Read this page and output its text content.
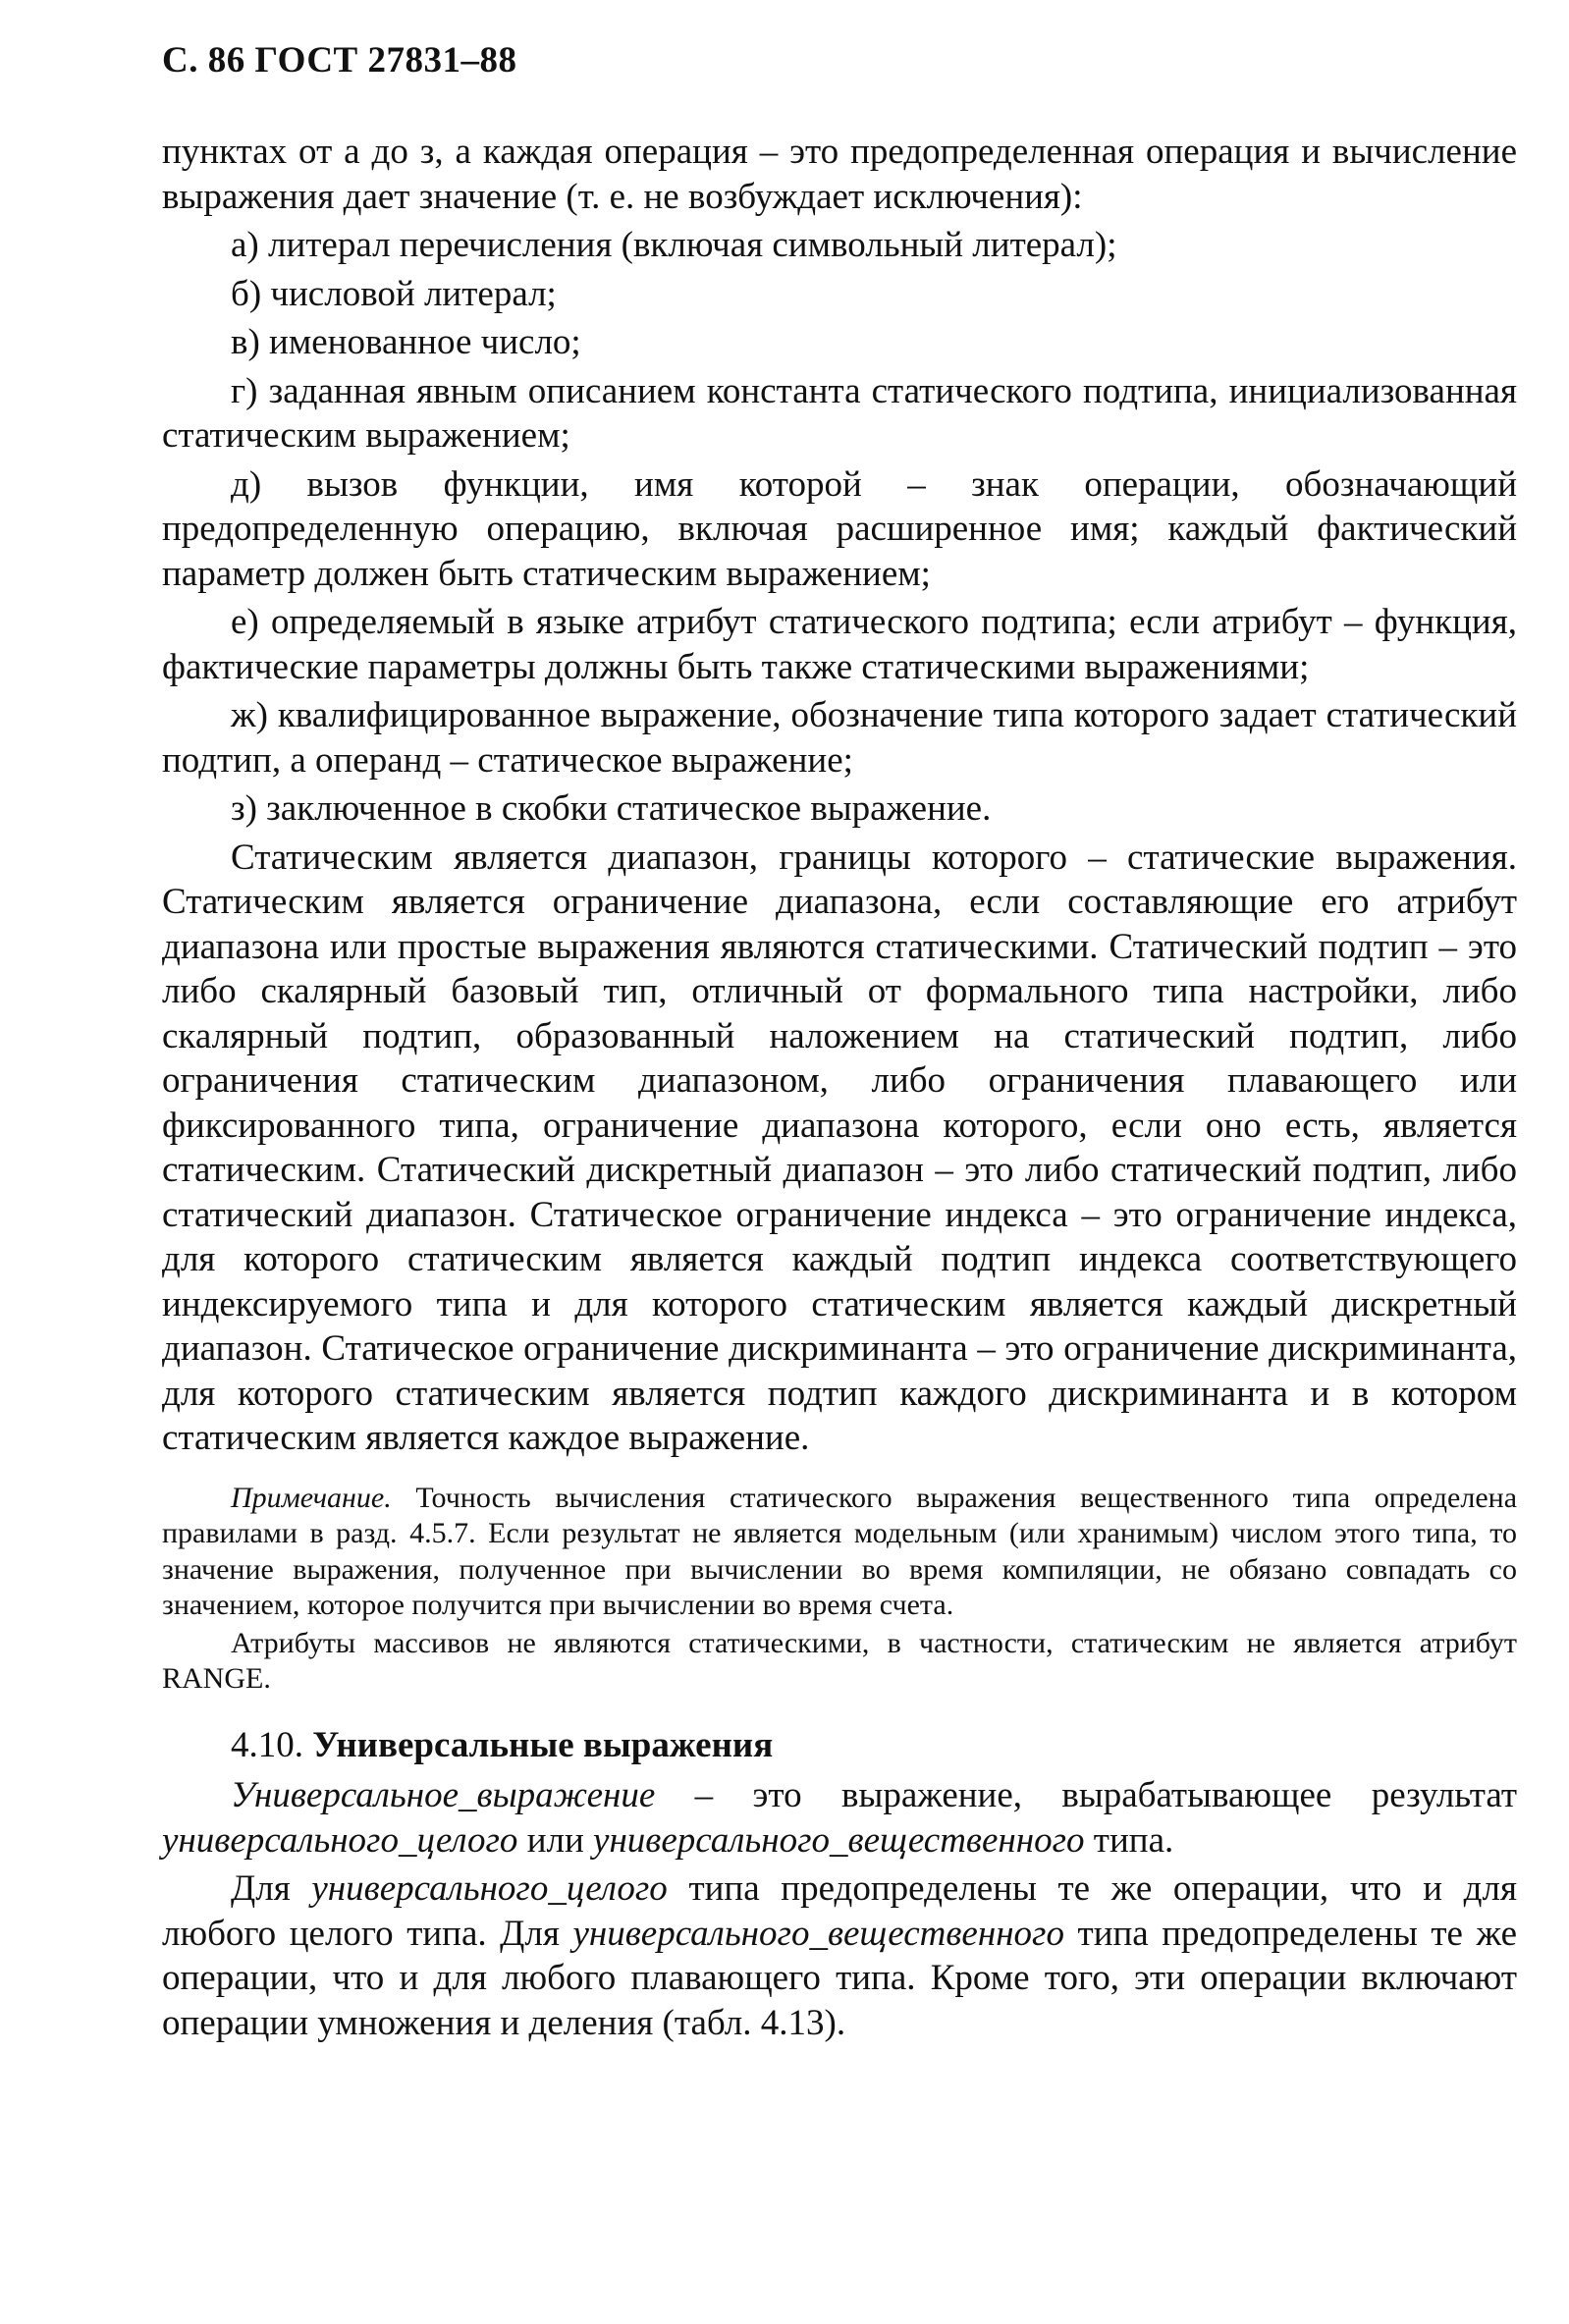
С. 86 ГОСТ 27831–88

пунктах от а до з, а каждая операция – это предопределенная операция и вычисление выражения дает значение (т. е. не возбуждает исключения):

а) литерал перечисления (включая символьный литерал);

б) числовой литерал;

в) именованное число;

г) заданная явным описанием константа статического подтипа, инициализованная статическим выражением;

д) вызов функции, имя которой – знак операции, обозначающий предопределенную операцию, включая расширенное имя; каждый фактический параметр должен быть статическим выражением;

е) определяемый в языке атрибут статического подтипа; если атрибут – функция, фактические параметры должны быть также статическими выражениями;

ж) квалифицированное выражение, обозначение типа которого задает статический подтип, а операнд – статическое выражение;

з) заключенное в скобки статическое выражение.

Статическим является диапазон, границы которого – статические выражения. Статическим является ограничение диапазона, если составляющие его атрибут диапазона или простые выражения являются статическими. Статический подтип – это либо скалярный базовый тип, отличный от формального типа настройки, либо скалярный подтип, образованный наложением на статический подтип, либо ограничения статическим диапазоном, либо ограничения плавающего или фиксированного типа, ограничение диапазона которого, если оно есть, является статическим. Статический дискретный диапазон – это либо статический подтип, либо статический диапазон. Статическое ограничение индекса – это ограничение индекса, для которого статическим является каждый подтип индекса соответствующего индексируемого типа и для которого статическим является каждый дискретный диапазон. Статическое ограничение дискриминанта – это ограничение дискриминанта, для которого статическим является подтип каждого дискриминанта и в котором статическим является каждое выражение.

Примечание. Точность вычисления статического выражения вещественного типа определена правилами в разд. 4.5.7. Если результат не является модельным (или хранимым) числом этого типа, то значение выражения, полученное при вычислении во время компиляции, не обязано совпадать со значением, которое получится при вычислении во время счета.

Атрибуты массивов не являются статическими, в частности, статическим не является атрибут RANGE.

4.10. Универсальные выражения

Универсальное_выражение – это выражение, вырабатывающее результат универсального_целого или универсального_вещественного типа.

Для универсального_целого типа предопределены те же операции, что и для любого целого типа. Для универсального_вещественного типа предопределены те же операции, что и для любого плавающего типа. Кроме того, эти операции включают операции умножения и деления (табл. 4.13).
